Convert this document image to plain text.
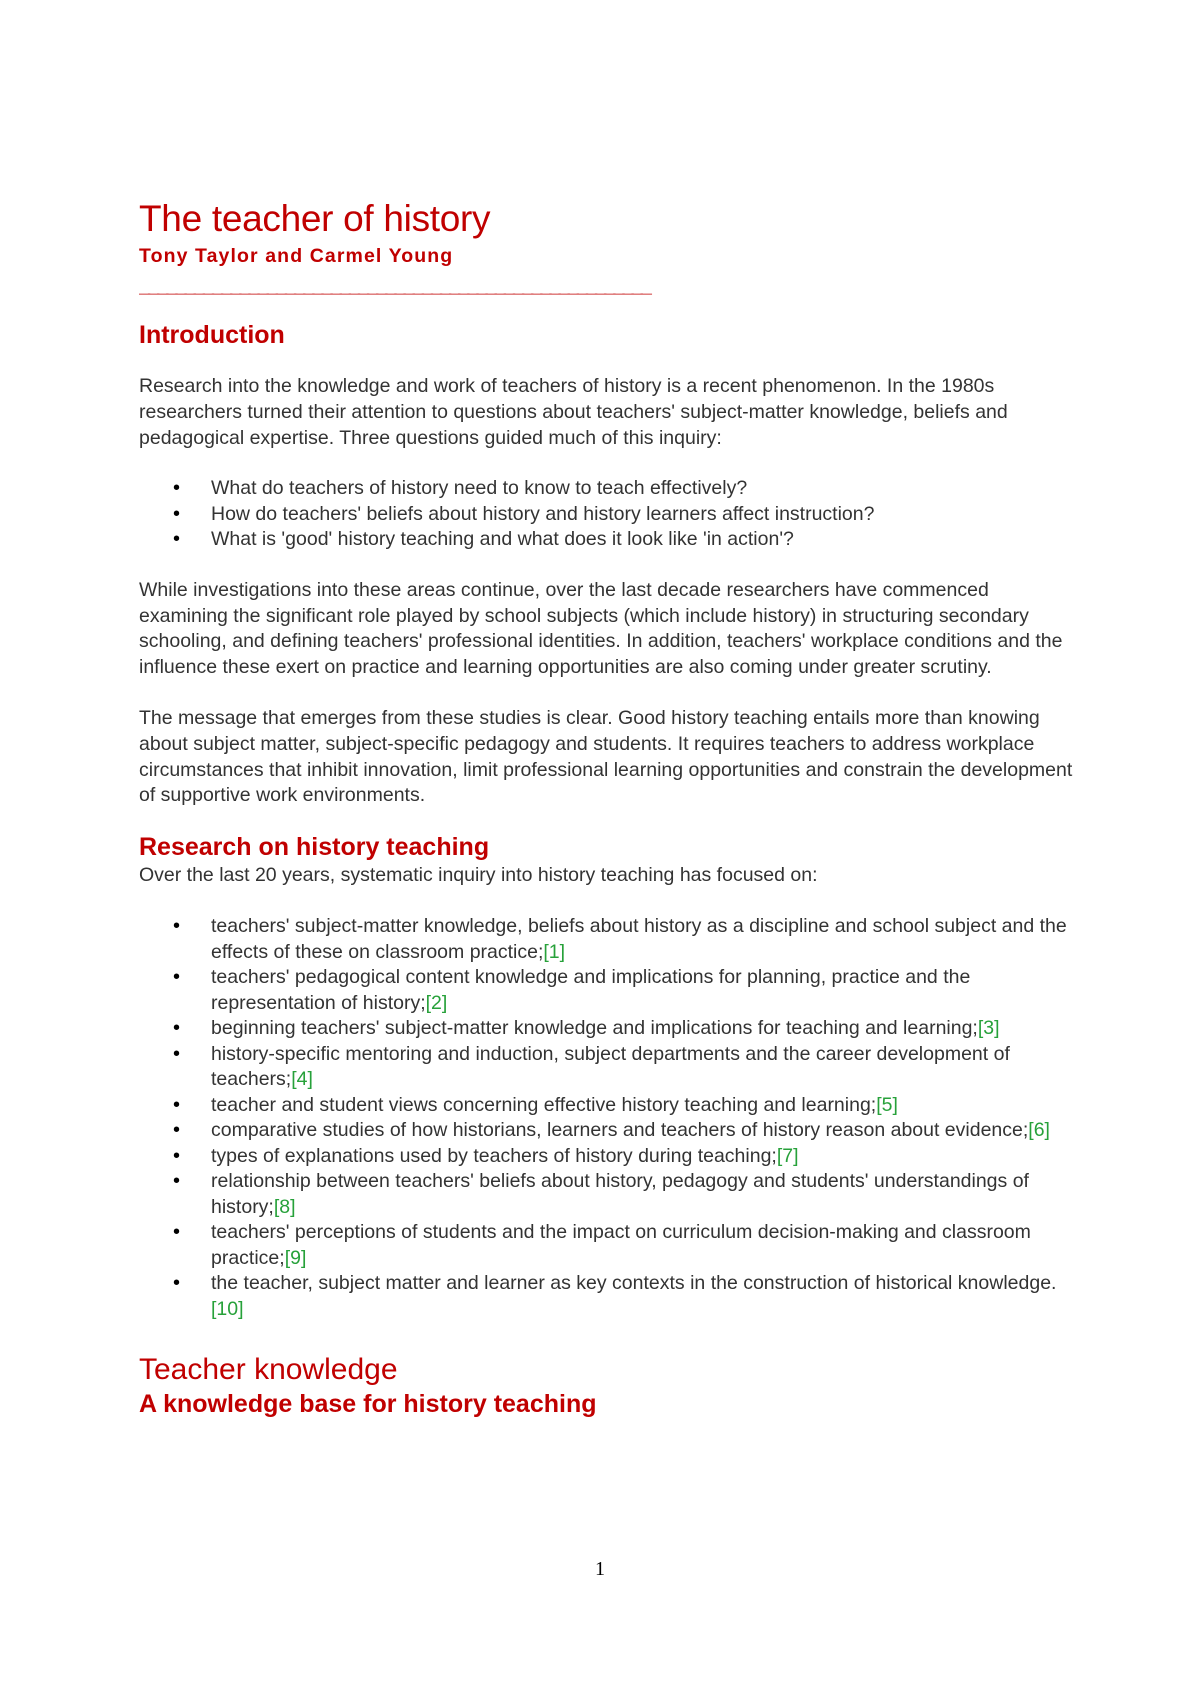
The teacher of history
Tony Taylor and Carmel Young
________________________________________________________
Introduction

Research into the knowledge and work of teachers of history is a recent phenomenon. In the 1980s researchers turned their attention to questions about teachers' subject-matter knowledge, beliefs and pedagogical expertise. Three questions guided much of this inquiry:

• What do teachers of history need to know to teach effectively?
• How do teachers' beliefs about history and history learners affect instruction?
• What is 'good' history teaching and what does it look like 'in action'?

While investigations into these areas continue, over the last decade researchers have commenced examining the significant role played by school subjects (which include history) in structuring secondary schooling, and defining teachers' professional identities. In addition, teachers' workplace conditions and the influence these exert on practice and learning opportunities are also coming under greater scrutiny.

The message that emerges from these studies is clear. Good history teaching entails more than knowing about subject matter, subject-specific pedagogy and students. It requires teachers to address workplace circumstances that inhibit innovation, limit professional learning opportunities and constrain the development of supportive work environments.

Research on history teaching

Over the last 20 years, systematic inquiry into history teaching has focused on:

• teachers' subject-matter knowledge, beliefs about history as a discipline and school subject and the effects of these on classroom practice;[1]
• teachers' pedagogical content knowledge and implications for planning, practice and the representation of history;[2]
• beginning teachers' subject-matter knowledge and implications for teaching and learning;[3]
• history-specific mentoring and induction, subject departments and the career development of teachers;[4]
• teacher and student views concerning effective history teaching and learning;[5]
• comparative studies of how historians, learners and teachers of history reason about evidence;[6]
• types of explanations used by teachers of history during teaching;[7]
• relationship between teachers' beliefs about history, pedagogy and students' understandings of history;[8]
• teachers' perceptions of students and the impact on curriculum decision-making and classroom practice;[9]
• the teacher, subject matter and learner as key contexts in the construction of historical knowledge.[10]
Teacher knowledge
A knowledge base for history teaching
1
